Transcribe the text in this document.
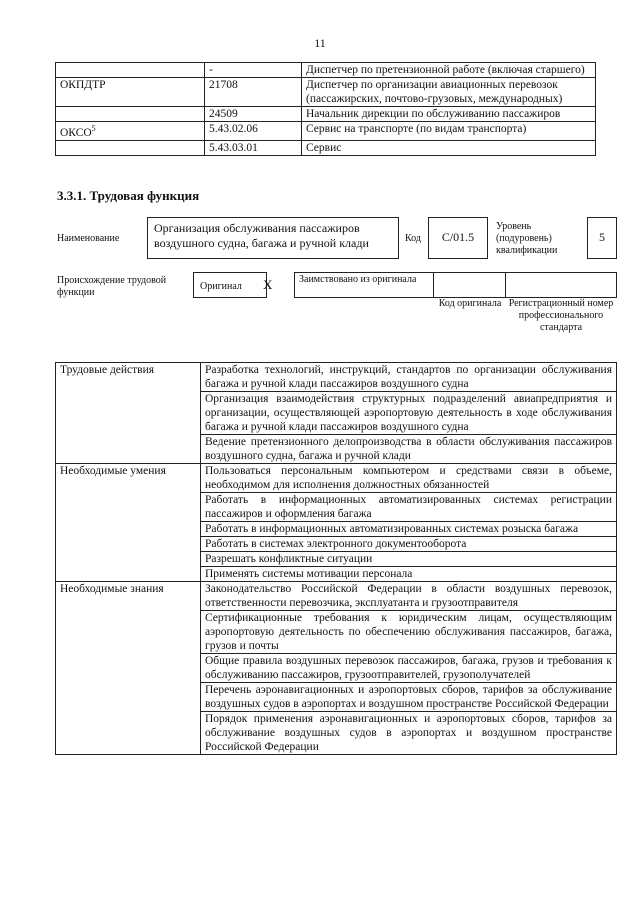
11
	-	Диспетчер по претензионной работе (включая старшего)
ОКПДТР	21708	Диспетчер по организации авиационных перевозок (пассажирских, почтово-грузовых, международных)
	24509	Начальник дирекции по обслуживанию пассажиров
ОКСО$^5$	5.43.02.06	Сервис на транспорте (по видам транспорта)
	5.43.03.01	Сервис
3.3.1. Трудовая функция
Наименование
Организация обслуживания пассажиров воздушного судна, багажа и ручной клади	Код	C/01.5
Уровень (подуровень) квалификации
5
Происхождение трудовой функции
Оригинал	X	Заимствовано из оригинала
Код оригинала Регистрационный номер профессионального стандарта
Трудовые действия	Разработка технологий, инструкций, стандартов по организации обслуживания багажа и ручной клади пассажиров воздушного судна
	Организация взаимодействия структурных подразделений авиапредприятия и организации, осуществляющей аэропортовую деятельность в ходе обслуживания багажа и ручной клади пассажиров воздушного судна
	Ведение претензионного делопроизводства в области обслуживания пассажиров воздушного судна, багажа и ручной клади
Необходимые умения	Пользоваться персональным компьютером и средствами связи в объеме, необходимом для исполнения должностных обязанностей
	Работать в информационных автоматизированных системах регистрации пассажиров и оформления багажа
	Работать в информационных автоматизированных системах розыска багажа
	Работать в системах электронного документооборота
	Разрешать конфликтные ситуации
	Применять системы мотивации персонала
Необходимые знания	Законодательство Российской Федерации в области воздушных перевозок, ответственности перевозчика, эксплуатанта и грузоотправителя
	Сертификационные требования к юридическим лицам, осуществляющим аэропортовую деятельность по обеспечению обслуживания пассажиров, багажа, грузов и почты
	Общие правила воздушных перевозок пассажиров, багажа, грузов и требования к обслуживанию пассажиров, грузоотправителей, грузополучателей
	Перечень аэронавигационных и аэропортовых сборов, тарифов за обслуживание воздушных судов в аэропортах и воздушном пространстве Российской Федерации
	Порядок применения аэронавигационных и аэропортовых сборов, тарифов за обслуживание воздушных судов в аэропортах и воздушном пространстве Российской Федерации
